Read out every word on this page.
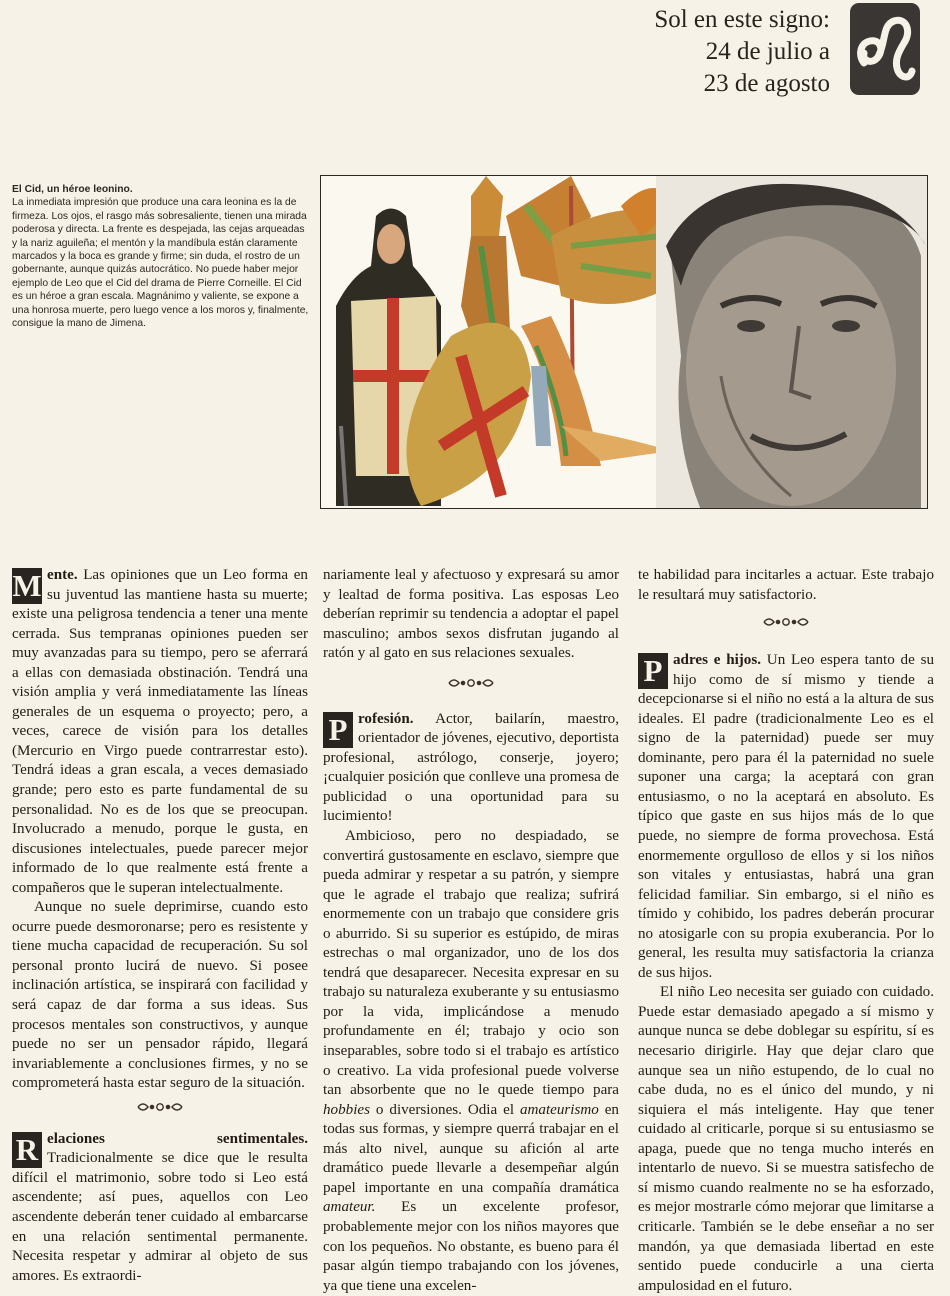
Sol en este signo:
24 de julio a
23 de agosto
El Cid, un héroe leonino.
La inmediata impresión que produce una cara leonina es la de firmeza. Los ojos, el rasgo más sobresaliente, tienen una mirada poderosa y directa. La frente es despejada, las cejas arqueadas y la nariz aguileña; el mentón y la mandíbula están claramente marcados y la boca es grande y firme; sin duda, el rostro de un gobernante, aunque quizás autocrático. No puede haber mejor ejemplo de Leo que el Cid del drama de Pierre Corneille. El Cid es un héroe a gran escala. Magnánimo y valiente, se expone a una honrosa muerte, pero luego vence a los moros y, finalmente, consigue la mano de Jimena.

M ente. Las opiniones que un Leo forma en su juventud las mantiene hasta su muerte; existe una peligrosa tendencia a tener una mente cerrada. Sus tempranas opiniones pueden ser muy avanzadas para su tiempo, pero se aferrará a ellas con demasiada obstinación. Tendrá una visión amplia y verá inmediatamente las líneas generales de un esquema o proyecto; pero, a veces, carece de visión para los detalles (Mercurio en Virgo puede contrarrestar esto). Tendrá ideas a gran escala, a veces demasiado grande; pero esto es parte fundamental de su personalidad. No es de los que se preocupan. Involucrado a menudo, porque le gusta, en discusiones intelectuales, puede parecer mejor informado de lo que realmente está frente a compañeros que le superan intelectualmente.

Aunque no suele deprimirse, cuando esto ocurre puede desmoronarse; pero es resistente y tiene mucha capacidad de recuperación. Su sol personal pronto lucirá de nuevo. Si posee inclinación artística, se inspirará con facilidad y será capaz de dar forma a sus ideas. Sus procesos mentales son constructivos, y aunque puede no ser un pensador rápido, llegará invariablemente a conclusiones firmes, y no se comprometerá hasta estar seguro de la situación.

R elaciones sentimentales. Tradicionalmente se dice que le resulta difícil el matrimonio, sobre todo si Leo está ascendente; así pues, aquellos con Leo ascendente deberán tener cuidado al embarcarse en una relación sentimental permanente. Necesita respetar y admirar al objeto de sus amores. Es extraordi-

nariamente leal y afectuoso y expresará su amor y lealtad de forma positiva. Las esposas Leo deberían reprimir su tendencia a adoptar el papel masculino; ambos sexos disfrutan jugando al ratón y al gato en sus relaciones sexuales.

P rofesión. Actor, bailarín, maestro, orientador de jóvenes, ejecutivo, deportista profesional, astrólogo, conserje, joyero; ¡cualquier posición que conlleve una promesa de publicidad o una oportunidad para su lucimiento!

Ambicioso, pero no despiadado, se convertirá gustosamente en esclavo, siempre que pueda admirar y respetar a su patrón, y siempre que le agrade el trabajo que realiza; sufrirá enormemente con un trabajo que considere gris o aburrido. Si su superior es estúpido, de miras estrechas o mal organizador, uno de los dos tendrá que desaparecer. Necesita expresar en su trabajo su naturaleza exuberante y su entusiasmo por la vida, implicándose a menudo profundamente en él; trabajo y ocio son inseparables, sobre todo si el trabajo es artístico o creativo. La vida profesional puede volverse tan absorbente que no le quede tiempo para hobbies o diversiones. Odia el amateurismo en todas sus formas, y siempre querrá trabajar en el más alto nivel, aunque su afición al arte dramático puede llevarle a desempeñar algún papel importante en una compañía dramática amateur. Es un excelente profesor, probablemente mejor con los niños mayores que con los pequeños. No obstante, es bueno para él pasar algún tiempo trabajando con los jóvenes, ya que tiene una excelen-

te habilidad para incitarles a actuar. Este trabajo le resultará muy satisfactorio.

P adres e hijos. Un Leo espera tanto de su hijo como de sí mismo y tiende a decepcionarse si el niño no está a la altura de sus ideales. El padre (tradicionalmente Leo es el signo de la paternidad) puede ser muy dominante, pero para él la paternidad no suele suponer una carga; la aceptará con gran entusiasmo, o no la aceptará en absoluto. Es típico que gaste en sus hijos más de lo que puede, no siempre de forma provechosa. Está enormemente orgulloso de ellos y si los niños son vitales y entusiastas, habrá una gran felicidad familiar. Sin embargo, si el niño es tímido y cohibido, los padres deberán procurar no atosigarle con su propia exuberancia. Por lo general, les resulta muy satisfactoria la crianza de sus hijos.

El niño Leo necesita ser guiado con cuidado. Puede estar demasiado apegado a sí mismo y aunque nunca se debe doblegar su espíritu, sí es necesario dirigirle. Hay que dejar claro que aunque sea un niño estupendo, de lo cual no cabe duda, no es el único del mundo, y ni siquiera el más inteligente. Hay que tener cuidado al criticarle, porque si su entusiasmo se apaga, puede que no tenga mucho interés en intentarlo de nuevo. Si se muestra satisfecho de sí mismo cuando realmente no se ha esforzado, es mejor mostrarle cómo mejorar que limitarse a criticarle. También se le debe enseñar a no ser mandón, ya que demasiada libertad en este sentido puede conducirle a una cierta ampulosidad en el futuro.
